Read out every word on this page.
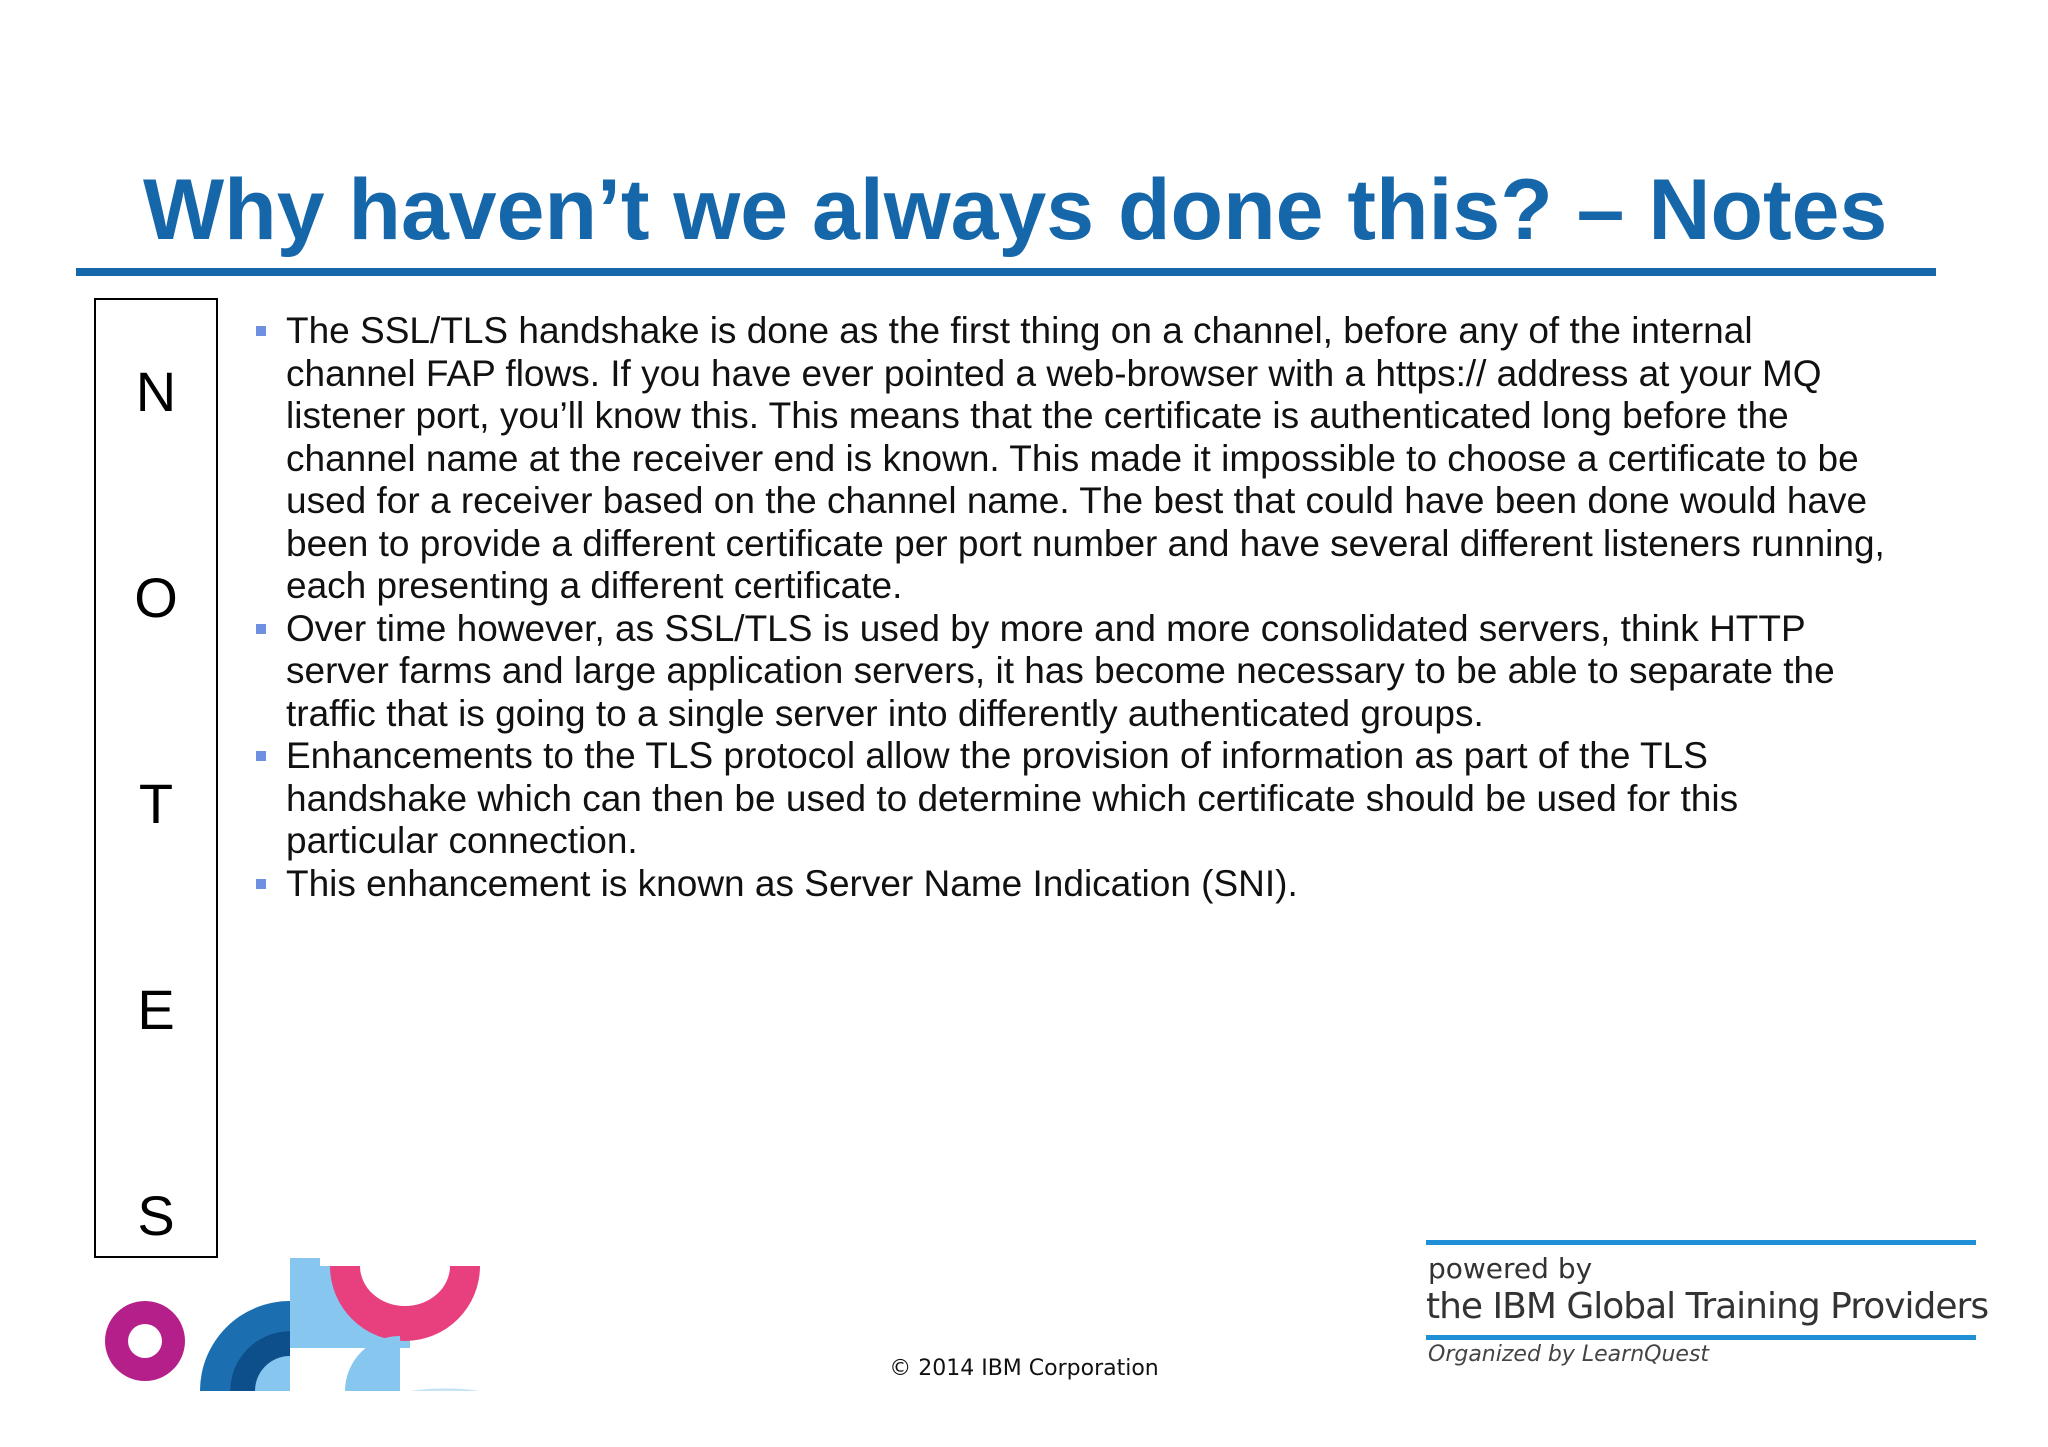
Why haven’t we always done this? – Notes
N
O
T
E
S
The SSL/TLS handshake is done as the first thing on a channel, before any of the internal channel FAP flows. If you have ever pointed a web-browser with a https:// address at your MQ listener port, you’ll know this. This means that the certificate is authenticated long before the channel name at the receiver end is known. This made it impossible to choose a certificate to be used for a receiver based on the channel name. The best that could have been done would have been to provide a different certificate per port number and have several different listeners running, each presenting a different certificate.
Over time however, as SSL/TLS is used by more and more consolidated servers, think HTTP server farms and large application servers, it has become necessary to be able to separate the traffic that is going to a single server into differently authenticated groups.
Enhancements to the TLS protocol allow the provision of information as part of the TLS handshake which can then be used to determine which certificate should be used for this particular connection.
This enhancement is known as Server Name Indication (SNI).
© 2014 IBM Corporation
powered by
the IBM Global Training Providers
Organized by LearnQuest
